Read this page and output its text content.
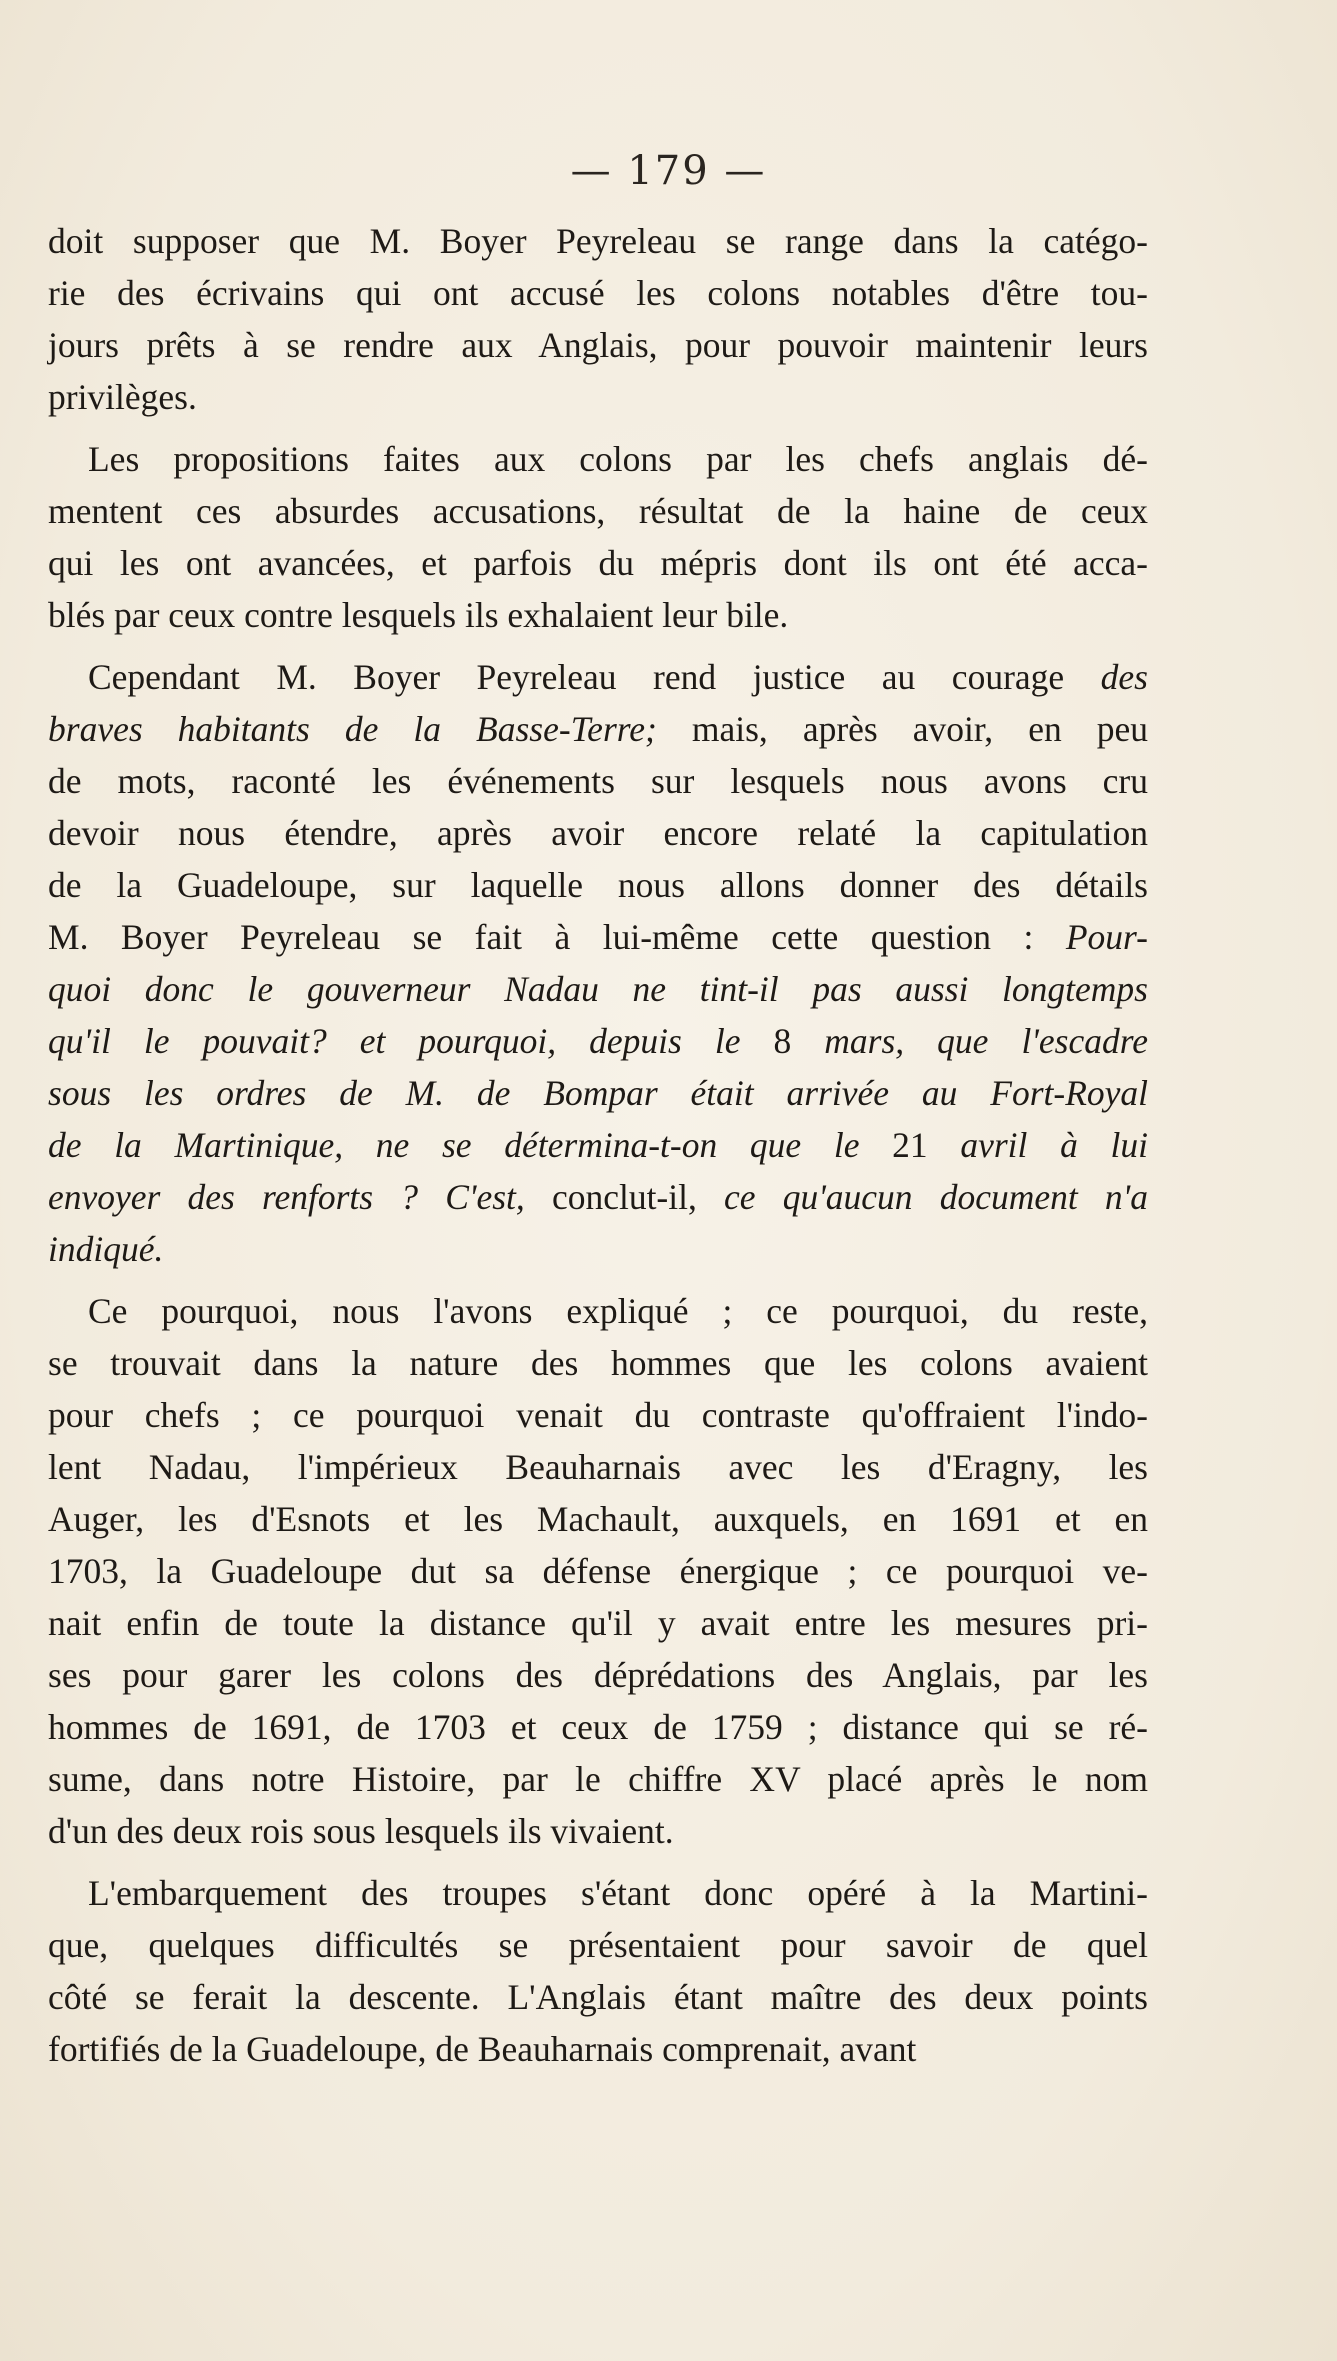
— 179 —
doit supposer que M. Boyer Peyreleau se range dans la catégo-
rie des écrivains qui ont accusé les colons notables d'être tou-
jours prêts à se rendre aux Anglais, pour pouvoir maintenir leurs
privilèges.
Les propositions faites aux colons par les chefs anglais dé-
mentent ces absurdes accusations, résultat de la haine de ceux
qui les ont avancées, et parfois du mépris dont ils ont été acca-
blés par ceux contre lesquels ils exhalaient leur bile.
Cependant M. Boyer Peyreleau rend justice au courage des
braves habitants de la Basse-Terre; mais, après avoir, en peu
de mots, raconté les événements sur lesquels nous avons cru
devoir nous étendre, après avoir encore relaté la capitulation
de la Guadeloupe, sur laquelle nous allons donner des détails
M. Boyer Peyreleau se fait à lui-même cette question : Pour-
quoi donc le gouverneur Nadau ne tint-il pas aussi longtemps
qu'il le pouvait? et pourquoi, depuis le 8 mars, que l'escadre
sous les ordres de M. de Bompar était arrivée au Fort-Royal
de la Martinique, ne se détermina-t-on que le 21 avril à lui
envoyer des renforts ? C'est, conclut-il, ce qu'aucun document n'a
indiqué.
Ce pourquoi, nous l'avons expliqué ; ce pourquoi, du reste,
se trouvait dans la nature des hommes que les colons avaient
pour chefs ; ce pourquoi venait du contraste qu'offraient l'indo-
lent Nadau, l'impérieux Beauharnais avec les d'Eragny, les
Auger, les d'Esnots et les Machault, auxquels, en 1691 et en
1703, la Guadeloupe dut sa défense énergique ; ce pourquoi ve-
nait enfin de toute la distance qu'il y avait entre les mesures pri-
ses pour garer les colons des déprédations des Anglais, par les
hommes de 1691, de 1703 et ceux de 1759 ; distance qui se ré-
sume, dans notre Histoire, par le chiffre XV placé après le nom
d'un des deux rois sous lesquels ils vivaient.
L'embarquement des troupes s'étant donc opéré à la Martini-
que, quelques difficultés se présentaient pour savoir de quel
côté se ferait la descente. L'Anglais étant maître des deux points
fortifiés de la Guadeloupe, de Beauharnais comprenait, avant
